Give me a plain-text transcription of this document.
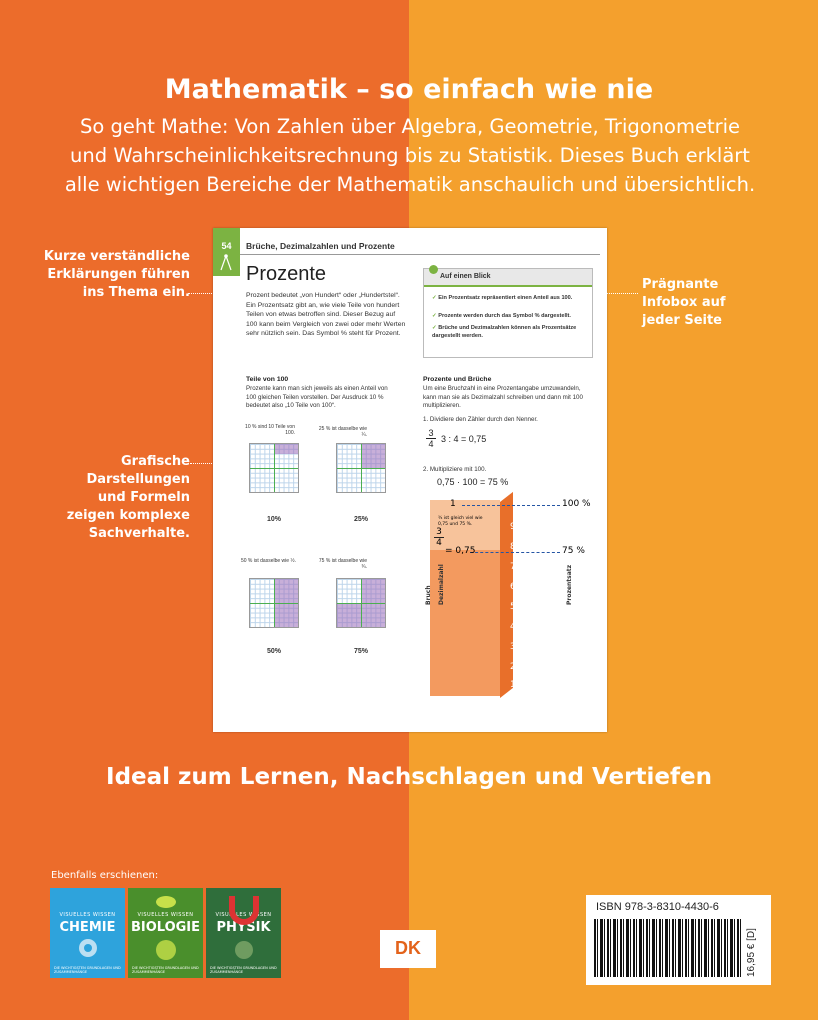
Mathematik – so einfach wie nie
So geht Mathe: Von Zahlen über Algebra, Geometrie, Trigonometrie und Wahrscheinlichkeitsrechnung bis zu Statistik. Dieses Buch erklärt alle wichtigen Bereiche der Mathematik anschaulich und übersichtlich.
Kurze verständliche
Erklärungen führen
ins Thema ein.
Grafische
Darstellungen
und Formeln
zeigen komplexe
Sachverhalte.
Prägnante
Infobox auf
jeder Seite
54	Brüche, Dezimalzahlen und Prozente
Prozente
Prozent bedeutet „von Hundert“ oder „Hundertstel“. Ein Prozentsatz gibt an, wie viele Teile von hundert Teilen von etwas betroffen sind. Dieser Bezug auf 100 kann beim Vergleich von zwei oder mehr Werten sehr nützlich sein. Das Symbol % steht für Prozent.
Auf einen Blick
✓ Ein Prozentsatz repräsentiert einen Anteil aus 100.
✓ Prozente werden durch das Symbol % dargestellt.
✓ Brüche und Dezimalzahlen können als Prozentsätze dargestellt werden.
Teile von 100
Prozente kann man sich jeweils als einen Anteil von 100 gleichen Teilen vorstellen. Der Ausdruck 10 % bedeutet also „10 Teile von 100“.
10 % sind 10 Teile von 100.
10%
25 % ist dasselbe wie ¼.
25%
50 % ist dasselbe wie ½.
50%
75 % ist dasselbe wie ¾.
75%
Prozente und Brüche
Um eine Bruchzahl in eine Prozentangabe umzuwandeln, kann man sie als Dezimalzahl schreiben und dann mit 100 multiplizieren.
1. Dividiere den Zähler durch den Nenner.
3
4 3 : 4 = 0,75
2. Multipliziere mit 100.
0,75 · 100 = 75 %
90
80
70
60
50
40
30
20
10
1	100 %
3
4
= 0,75	75 %
¾ ist gleich viel wie 0,75 und 75 %.
Bruch Dezimalzahl	Prozentsatz
Ideal zum Lernen, Nachschlagen und Vertiefen
Ebenfalls erschienen:
VISUELLES WISSEN
CHEMIE
DIE WICHTIGSTEN GRUNDLAGEN UND ZUSAMMENHÄNGE
VISUELLES WISSEN
BIOLOGIE
DIE WICHTIGSTEN GRUNDLAGEN UND ZUSAMMENHÄNGE
VISUELLES WISSEN
PHYSIK
DIE WICHTIGSTEN GRUNDLAGEN UND ZUSAMMENHÄNGE
DK
ISBN 978-3-8310-4430-6
16,95 € [D]
